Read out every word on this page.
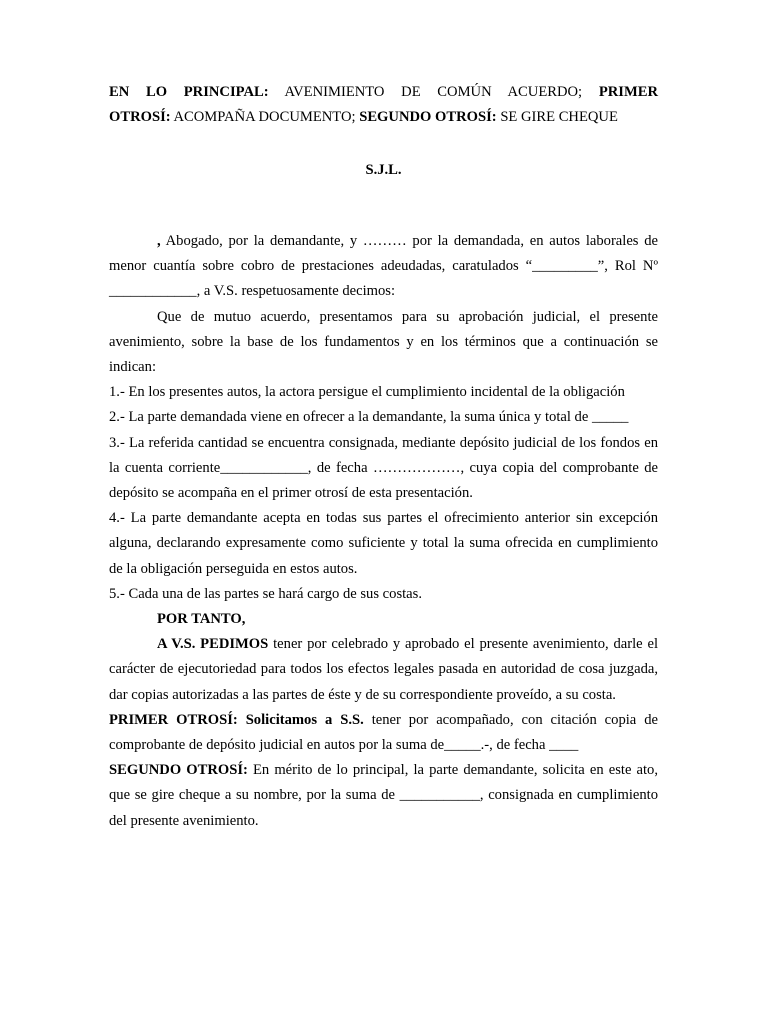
EN LO PRINCIPAL: AVENIMIENTO DE COMÚN ACUERDO; PRIMER
OTROSÍ: ACOMPAÑA DOCUMENTO; SEGUNDO OTROSÍ: SE GIRE CHEQUE
S.J.L.

, Abogado, por la demandante, y ……… por la demandada, en autos laborales de menor cuantía sobre cobro de prestaciones adeudadas, caratulados “_________”, Rol Nº ____________, a V.S. respetuosamente decimos:

Que de mutuo acuerdo, presentamos para su aprobación judicial, el presente avenimiento, sobre la base de los fundamentos y en los términos que a continuación se indican:

1.- En los presentes autos, la actora persigue el cumplimiento incidental de la obligación

2.- La parte demandada viene en ofrecer a la demandante, la suma única y total de _____

3.- La referida cantidad se encuentra consignada, mediante depósito judicial de los fondos en la cuenta corriente____________, de fecha ………………, cuya copia del comprobante de depósito se acompaña en el primer otrosí de esta presentación.

4.- La parte demandante acepta en todas sus partes el ofrecimiento anterior sin excepción alguna, declarando expresamente como suficiente y total la suma ofrecida en cumplimiento de la obligación perseguida en estos autos.

5.- Cada una de las partes se hará cargo de sus costas.

POR TANTO,

A V.S. PEDIMOS tener por celebrado y aprobado el presente avenimiento, darle el carácter de ejecutoriedad para todos los efectos legales pasada en autoridad de cosa juzgada, dar copias autorizadas a las partes de éste y de su correspondiente proveído, a su costa.

PRIMER OTROSÍ: Solicitamos a S.S. tener por acompañado, con citación copia de comprobante de depósito judicial en autos por la suma de_____.-, de fecha ____

SEGUNDO OTROSÍ: En mérito de lo principal, la parte demandante, solicita en este ato, que se gire cheque a su nombre, por la suma de ___________, consignada en cumplimiento del presente avenimiento.
